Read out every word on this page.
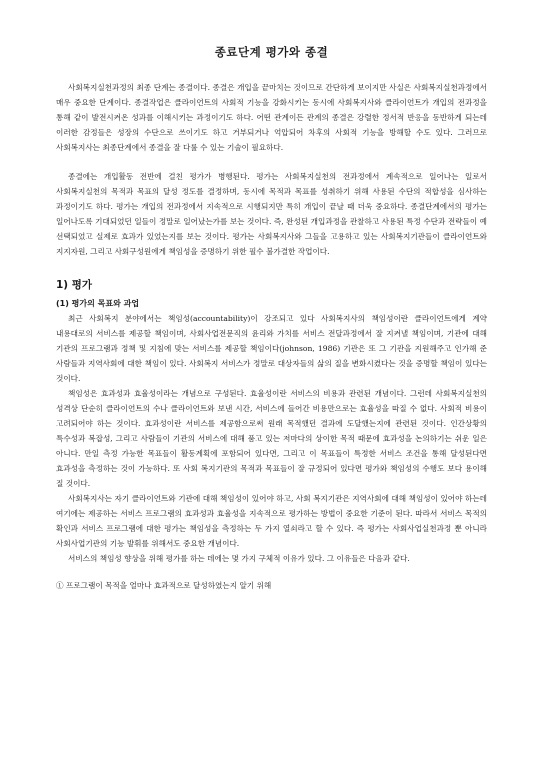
종료단계 평가와 종결

사회복지실천과정의 최종 단계는 종결이다. 종결은 개입을 끝마치는 것이므로 간단하게 보이지만 사실은 사회복지실천과정에서 매우 중요한 단계이다. 종결작업은 클라이언트의 사회적 기능을 강화시키는 동시에 사회복지사와 클라이언트가 개입의 전과정을 통해 같이 발전시켜온 성과를 이해시키는 과정이기도 하다. 어떤 관계이든 관계의 종결은 강렬한 정서적 반응을 동반하게 되는데 이러한 감정들은 성장의 수단으로 쓰이기도 하고 거부되거나 억압되어 차후의 사회적 기능을 방해할 수도 있다. 그러므로 사회복지사는 최종단계에서 종결을 잘 다룰 수 있는 기술이 필요하다.

종결에는 개입활동 전반에 걸친 평가가 병행된다. 평가는 사회복지실천의 전과정에서 계속적으로 일어나는 일로서 사회복지실천의 목적과 목표의 달성 정도를 결정하며, 동시에 목적과 목표를 성취하기 위해 사용된 수단의 적합성을 심사하는 과정이기도 하다. 평가는 개입의 전과정에서 지속적으로 시행되지만 특히 개입이 끝날 때 더욱 중요하다. 종결단계에서의 평가는 일어나도록 기대되었던 일들이 정말로 일어났는가를 보는 것이다. 즉, 완성된 개입과정을 관찰하고 사용된 특정 수단과 전략들이 예 선택되었고 실제로 효과가 있었는지를 보는 것이다. 평가는 사회복지사와 그들을 고용하고 있는 사회복지기관들이 클라이언트와 지지자원, 그리고 사회구성원에게 책임성을 증명하기 위한 필수 불가결한 작업이다.

1) 평가
(1) 평가의 목표와 과업

최근 사회복지 분야에서는 책임성(accountability)이 강조되고 있다 사회복지사의 책임성이란 클라이언트에게 계약 내용대로의 서비스를 제공할 책임이며, 사회사업전문직의 윤리와 가치를 서비스 전달과정에서 잘 지켜낼 책임이며, 기관에 대해 기관의 프로그램과 정책 및 지침에 맞는 서비스를 제공할 책임이다(johnson, 1986) 기관은 또 그 기관을 지원해주고 인가해 준 사람들과 지역사회에 대한 책임이 있다. 사회복지 서비스가 정말로 대상자들의 삶의 질을 변화시켰다는 것을 증명할 책임이 있다는 것이다.

책임성은 효과성과 효율성이라는 개념으로 구성된다. 효율성이란 서비스의 비용과 관련된 개념이다. 그런데 사회복지실천의 성격상 단순히 클라이언트의 수나 클라이언트와 보낸 시간, 서비스에 들어간 비용만으로는 효율성을 따질 수 없다. 사회적 비용이 고려되어야 하는 것이다. 효과성이란 서비스를 제공함으로써 원래 목적했던 결과에 도달했는지에 관련된 것이다. 인간상황의 특수성과 복잡성, 그리고 사람들이 기관의 서비스에 대해 품고 있는 저마다의 상이한 목적 때문에 효과성을 논의하기는 쉬운 일은 아니다. 만일 측정 가능한 목표들이 활동계획에 포함되어 있다면, 그리고 이 목표들이 특정한 서비스 조건을 통해 달성된다면 효과성을 측정하는 것이 가능하다. 또 사회 복지기관의 목적과 목표들이 잘 규정되어 있다면 평가와 책임성의 수행도 보다 용이해 질 것이다.

사회복지사는 자기 클라이언트와 기관에 대해 책임성이 있어야 하고, 사회 복지기관은 지역사회에 대해 책임성이 있어야 하는데 여기에는 제공하는 서비스 프로그램의 효과성과 효율성을 지속적으로 평가하는 방법이 중요한 기준이 된다. 따라서 서비스 목적의 확인과 서비스 프로그램에 대한 평가는 책임성을 측정하는 두 가지 열쇠라고 할 수 있다. 즉 평가는 사회사업실천과정 뿐 아니라 사회사업기관의 기능 발휘를 위해서도 중요한 개념이다.

서비스의 책임성 향상을 위해 평가를 하는 데에는 몇 가지 구체적 이유가 있다. 그 이유들은 다음과 같다.

① 프로그램이 목적을 얼마나 효과적으로 달성하였는지 알기 위해
